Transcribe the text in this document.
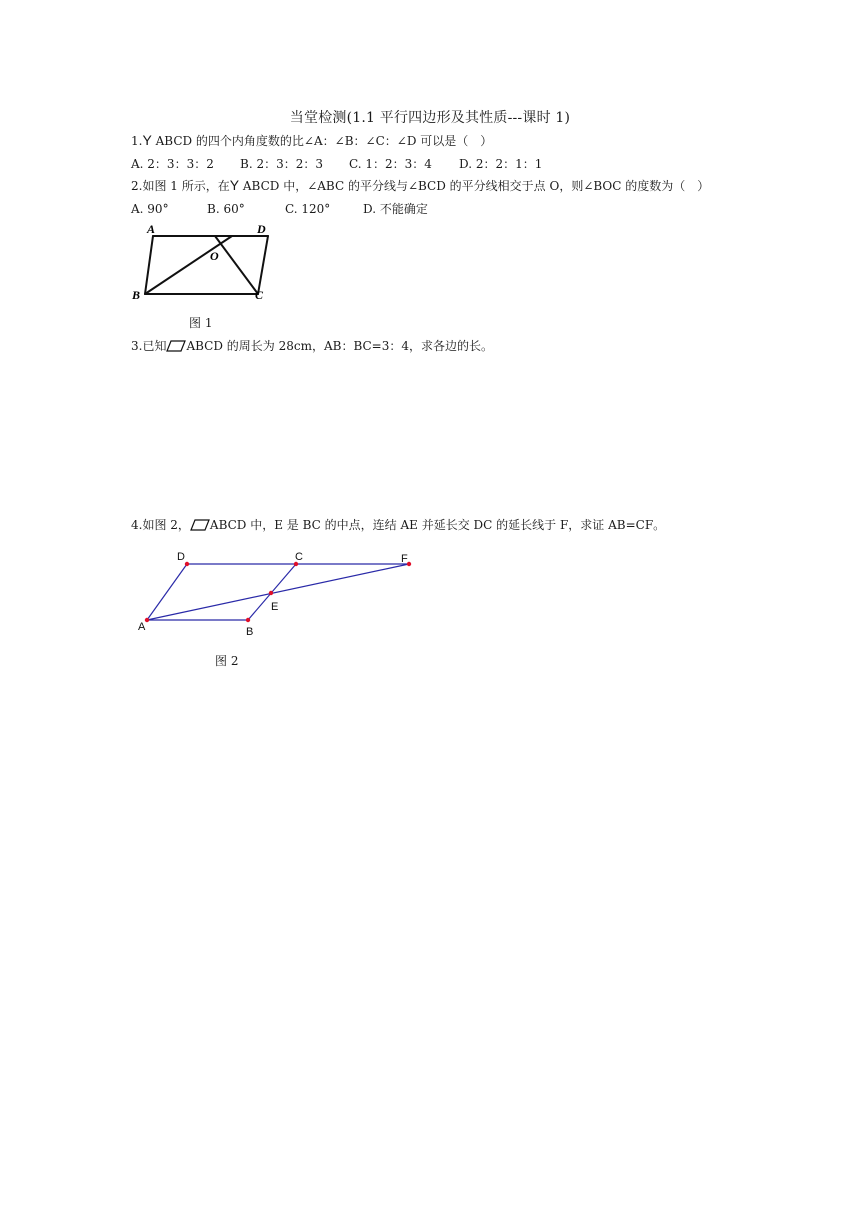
当堂检测(1.1 平行四边形及其性质---课时 1)
1.Y ABCD 的四个内角度数的比∠A：∠B：∠C：∠D 可以是（　）
A. 2：3：3：2 B. 2：3：2：3 C. 1：2：3：4 D. 2：2：1：1
2.如图 1 所示，在Y ABCD 中，∠ABC 的平分线与∠BCD 的平分线相交于点 O，则∠BOC 的度数为（　）
A. 90°	B. 60°	C. 120°	D. 不能确定
A	D
B	C
O
图 1
3.已知 ABCD 的周长为 28cm，AB：BC=3：4，求各边的长。
4.如图 2， ABCD 中，E 是 BC 的中点，连结 AE 并延长交 DC 的延长线于 F，求证 AB=CF。
D	C	F
A	B
E
图 2
